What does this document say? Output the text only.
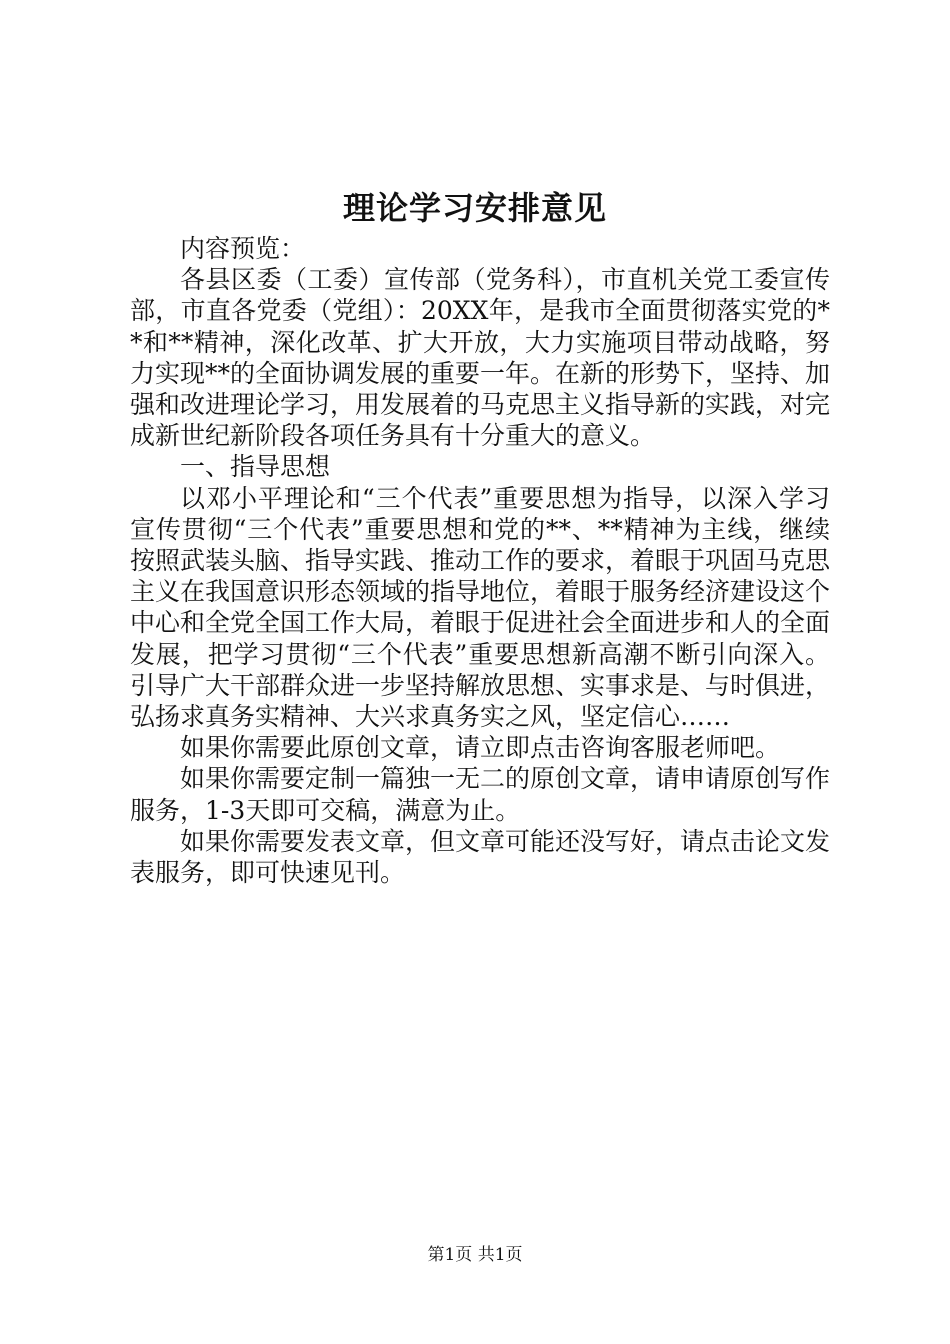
理论学习安排意见

内容预览：

各县区委（工委）宣传部（党务科），市直机关党工委宣传部，市直各党委（党组）：20XX年，是我市全面贯彻落实党的**和**精神，深化改革、扩大开放，大力实施项目带动战略，努力实现**的全面协调发展的重要一年。在新的形势下，坚持、加强和改进理论学习，用发展着的马克思主义指导新的实践，对完成新世纪新阶段各项任务具有十分重大的意义。

一、指导思想

以邓小平理论和“三个代表”重要思想为指导，以深入学习宣传贯彻“三个代表”重要思想和党的**、**精神为主线，继续按照武装头脑、指导实践、推动工作的要求，着眼于巩固马克思主义在我国意识形态领域的指导地位，着眼于服务经济建设这个中心和全党全国工作大局，着眼于促进社会全面进步和人的全面发展，把学习贯彻“三个代表”重要思想新高潮不断引向深入。引导广大干部群众进一步坚持解放思想、实事求是、与时俱进，弘扬求真务实精神、大兴求真务实之风，坚定信心……

如果你需要此原创文章，请立即点击咨询客服老师吧。

如果你需要定制一篇独一无二的原创文章，请申请原创写作服务，1-3天即可交稿，满意为止。

如果你需要发表文章，但文章可能还没写好，请点击论文发表服务，即可快速见刊。

第1页 共1页
